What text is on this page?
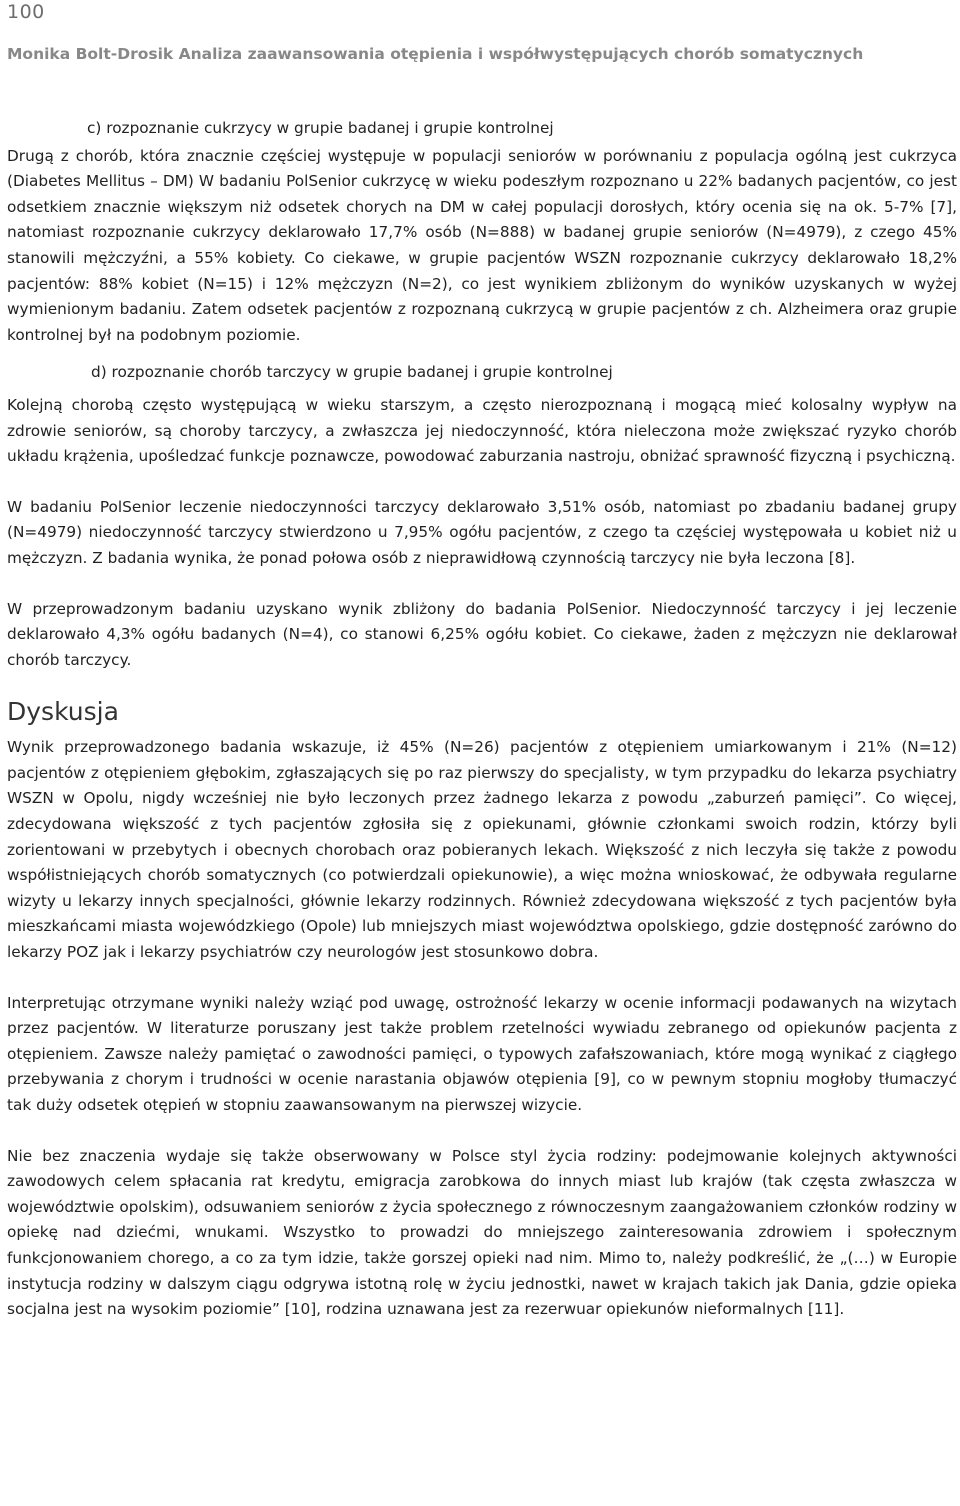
100
Monika Bolt-Drosik Analiza zaawansowania otępienia i współwystępujących chorób somatycznych
c) rozpoznanie cukrzycy w grupie badanej i grupie kontrolnej

Drugą z chorób, która znacznie częściej występuje w populacji seniorów w porównaniu z populacja ogólną jest cukrzyca (Diabetes Mellitus – DM) W badaniu PolSenior cukrzycę w wieku podeszłym rozpoznano u 22% badanych pacjentów, co jest odsetkiem znacznie większym niż odsetek chorych na DM w całej populacji dorosłych, który ocenia się na ok. 5-7% [7], natomiast rozpoznanie cukrzycy deklarowało 17,7% osób (N=888) w badanej grupie seniorów (N=4979), z czego 45% stanowili mężczyźni, a 55% kobiety. Co ciekawe, w grupie pacjentów WSZN rozpoznanie cukrzycy deklarowało 18,2% pacjentów: 88% kobiet (N=15) i 12% mężczyzn (N=2), co jest wynikiem zbliżonym do wyników uzyskanych w wyżej wymienionym badaniu. Zatem odsetek pacjentów z rozpoznaną cukrzycą w grupie pacjentów z ch. Alzheimera oraz grupie kontrolnej był na podobnym poziomie.

d) rozpoznanie chorób tarczycy w grupie badanej i grupie kontrolnej

Kolejną chorobą często występującą w wieku starszym, a często nierozpoznaną i mogącą mieć kolosalny wypływ na zdrowie seniorów, są choroby tarczycy, a zwłaszcza jej niedoczynność, która nieleczona może zwiększać ryzyko chorób układu krążenia, upośledzać funkcje poznawcze, powodować zaburzania nastroju, obniżać sprawność fizyczną i psychiczną.

W badaniu PolSenior leczenie niedoczynności tarczycy deklarowało 3,51% osób, natomiast po zbadaniu badanej grupy (N=4979) niedoczynność tarczycy stwierdzono u 7,95% ogółu pacjentów, z czego ta częściej występowała u kobiet niż u mężczyzn. Z badania wynika, że ponad połowa osób z nieprawidłową czynnością tarczycy nie była leczona [8].

W przeprowadzonym badaniu uzyskano wynik zbliżony do badania PolSenior. Niedoczynność tarczycy i jej leczenie deklarowało 4,3% ogółu badanych (N=4), co stanowi 6,25% ogółu kobiet. Co ciekawe, żaden z mężczyzn nie deklarował chorób tarczycy.

Dyskusja

Wynik przeprowadzonego badania wskazuje, iż 45% (N=26) pacjentów z otępieniem umiarkowanym i 21% (N=12) pacjentów z otępieniem głębokim, zgłaszających się po raz pierwszy do specjalisty, w tym przypadku do lekarza psychiatry WSZN w Opolu, nigdy wcześniej nie było leczonych przez żadnego lekarza z powodu „zaburzeń pamięci”. Co więcej, zdecydowana większość z tych pacjentów zgłosiła się z opiekunami, głównie członkami swoich rodzin, którzy byli zorientowani w przebytych i obecnych chorobach oraz pobieranych lekach. Większość z nich leczyła się także z powodu współistniejących chorób somatycznych (co potwierdzali opiekunowie), a więc można wnioskować, że odbywała regularne wizyty u lekarzy innych specjalności, głównie lekarzy rodzinnych. Również zdecydowana większość z tych pacjentów była mieszkańcami miasta wojewódzkiego (Opole) lub mniejszych miast województwa opolskiego, gdzie dostępność zarówno do lekarzy POZ jak i lekarzy psychiatrów czy neurologów jest stosunkowo dobra.

Interpretując otrzymane wyniki należy wziąć pod uwagę, ostrożność lekarzy w ocenie informacji podawanych na wizytach przez pacjentów. W literaturze poruszany jest także problem rzetelności wywiadu zebranego od opiekunów pacjenta z otępieniem. Zawsze należy pamiętać o zawodności pamięci, o typowych zafałszowaniach, które mogą wynikać z ciągłego przebywania z chorym i trudności w ocenie narastania objawów otępienia [9], co w pewnym stopniu mogłoby tłumaczyć tak duży odsetek otępień w stopniu zaawansowanym na pierwszej wizycie.

Nie bez znaczenia wydaje się także obserwowany w Polsce styl życia rodziny: podejmowanie kolejnych aktywności zawodowych celem spłacania rat kredytu, emigracja zarobkowa do innych miast lub krajów (tak częsta zwłaszcza w województwie opolskim), odsuwaniem seniorów z życia społecznego z równoczesnym zaangażowaniem członków rodziny w opiekę nad dziećmi, wnukami. Wszystko to prowadzi do mniejszego zainteresowania zdrowiem i społecznym funkcjonowaniem chorego, a co za tym idzie, także gorszej opieki nad nim. Mimo to, należy podkreślić, że „(…) w Europie instytucja rodziny w dalszym ciągu odgrywa istotną rolę w życiu jednostki, nawet w krajach takich jak Dania, gdzie opieka socjalna jest na wysokim poziomie” [10], rodzina uznawana jest za rezerwuar opiekunów nieformalnych [11].
